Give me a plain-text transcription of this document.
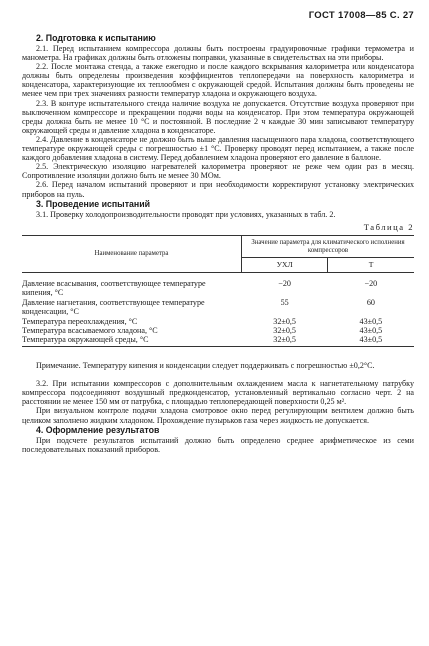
ГОСТ 17008—85 С. 27
2. Подготовка к испытанию

2.1. Перед испытанием компрессора должны быть построены градуировочные графики термометра и манометра. На графиках должны быть отложены поправки, указанные в свидетельствах на эти приборы.

2.2. После монтажа стенда, а также ежегодно и после каждого вскрывания калориметра или конденсатора должны быть определены произведения коэффициентов теплопередачи на поверхность калориметра и конденсатора, характеризующие их теплообмен с окружающей средой. Испытания должны быть проведены не менее чем при трех значениях разности температур хладона и окружающего воздуха.

2.3. В контуре испытательного стенда наличие воздуха не допускается. Отсутствие воздуха проверяют при выключенном компрессоре и прекращении подачи воды на конденсатор. При этом температура окружающей среды должна быть не менее 10 °С и постоянной. В последние 2 ч каждые 30 мин записывают температуру окружающей среды и давление хладона в конденсаторе.

2.4. Давление в конденсаторе не должно быть выше давления насыщенного пара хладона, соответствующего температуре окружающей среды с погрешностью ±1 °С. Проверку проводят перед испытанием, а также после каждого добавления хладона в систему. Перед добавлением хладона проверяют его давление в баллоне.

2.5. Электрическую изоляцию нагревателей калориметра проверяют не реже чем один раз в месяц. Сопротивление изоляции должно быть не менее 30 МОм.

2.6. Перед началом испытаний проверяют и при необходимости корректируют установку электрических приборов на пуль.

3. Проведение испытаний

3.1. Проверку холодопроизводительности проводят при условиях, указанных в табл. 2.

Таблица 2
Наименование параметра	Значение параметра для климатического исполнения компрессоров	
	УХЛ	Т
Давление всасывания, соответствующее температуре кипения, °С	−20	−20
Давление нагнетания, соответствующее температуре конденсации, °С	55	60
Температура переохлаждения, °С	32±0,5	43±0,5
Температура всасываемого хладона, °С	32±0,5	43±0,5
Температура окружающей среды, °С	32±0,5	43±0,5

Примечание. Температуру кипения и конденсации следует поддерживать с погрешностью ±0,2°С.

3.2. При испытании компрессоров с дополнительным охлаждением масла к нагнетательному патрубку компрессора подсоединяют воздушный предконденсатор, установленный вертикально согласно черт. 2 на расстоянии не менее 150 мм от патрубка, с площадью теплопередающей поверхности 0,25 м².

При визуальном контроле подачи хладона смотровое окно перед регулирующим вентилем должно быть целиком заполнено жидким хладоном. Прохождение пузырьков газа через жидкость не допускается.

4. Оформление результатов

При подсчете результатов испытаний должно быть определено среднее арифметическое из семи последовательных показаний приборов.
